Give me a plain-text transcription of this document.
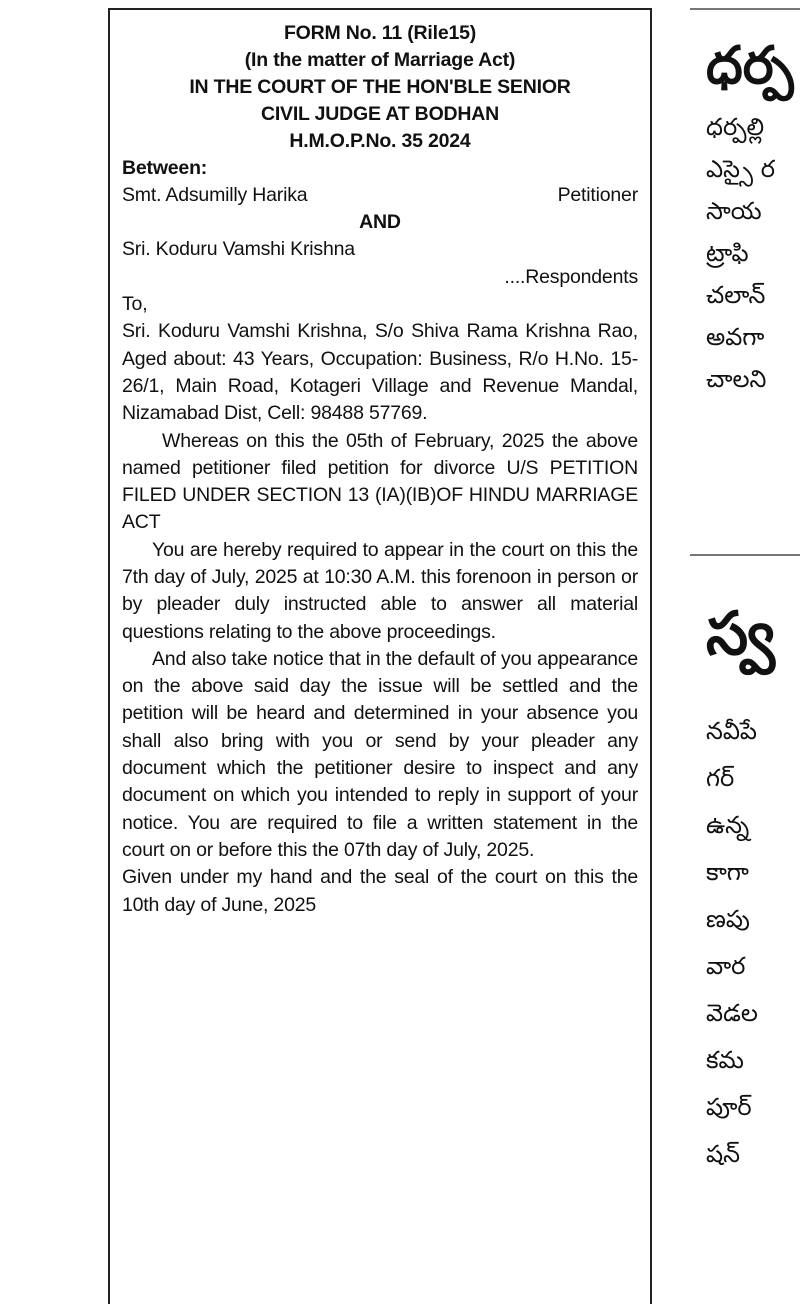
FORM No. 11 (Rile15)
(In the matter of Marriage Act)
IN THE COURT OF THE HON'BLE SENIOR
CIVIL JUDGE AT BODHAN
H.M.O.P.No. 35 2024
Between:
Smt. Adsumilly Harika	Petitioner
AND
Sri. Koduru Vamshi Krishna
....Respondents
To,
Sri. Koduru Vamshi Krishna, S/o Shiva Rama Krishna Rao, Aged about: 43 Years, Occupation: Business, R/o H.No. 15-26/1, Main Road, Kotageri Village and Revenue Mandal, Nizamabad Dist, Cell: 98488 57769.
Whereas on this the 05th of February, 2025 the above named petitioner filed petition for divorce U/S PETITION FILED UNDER SECTION 13 (IA)(IB)OF HINDU MARRIAGE ACT
You are hereby required to appear in the court on this the 7th day of July, 2025 at 10:30 A.M. this forenoon in person or by pleader duly instructed able to answer all material questions relating to the above proceedings.
And also take notice that in the default of you appearance on the above said day the issue will be settled and the petition will be heard and determined in your absence you shall also bring with you or send by your pleader any document which the petitioner desire to inspect and any document on which you intended to reply in support of your notice. You are required to file a written statement in the court on or before this the 07th day of July, 2025.
Given under my hand and the seal of the court on this the 10th day of June, 2025
ధర్ప
ధర్పల్లి
ఎస్సై ర
సాయ
ట్రాఫి
చలాన్
అవగా
చాలని
స్వ
నవీపే
గర్
ఉన్న
కాగా
ణపు
వార
వెడల
కమ
పూర్
షన్
